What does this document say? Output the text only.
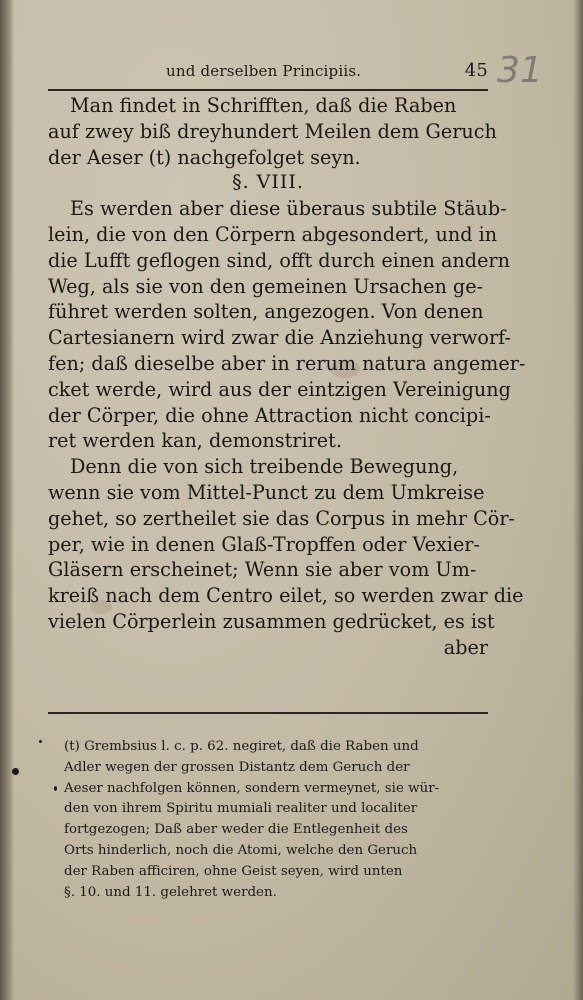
und derselben Principiis.	45 31
Man findet in Schrifften, daß die Raben
auf zwey biß dreyhundert Meilen dem Geruch
der Aeser (t) nachgefolget seyn.
§. VIII.
Es werden aber diese überaus subtile Stäub-
lein, die von den Cörpern abgesondert, und in
die Lufft geflogen sind, offt durch einen andern
Weg, als sie von den gemeinen Ursachen ge-
führet werden solten, angezogen. Von denen
Cartesianern wird zwar die Anziehung verworf-
fen; daß dieselbe aber in rerum natura angemer-
cket werde, wird aus der eintzigen Vereinigung
der Cörper, die ohne Attraction nicht concipi-
ret werden kan, demonstriret.
Denn die von sich treibende Bewegung,
wenn sie vom Mittel-Punct zu dem Umkreise
gehet, so zertheilet sie das Corpus in mehr Cör-
per, wie in denen Glaß-Tropffen oder Vexier-
Gläsern erscheinet; Wenn sie aber vom Um-
kreiß nach dem Centro eilet, so werden zwar die
vielen Cörperlein zusammen gedrücket, es ist
aber
(t) Grembsius l. c. p. 62. negiret, daß die Raben und
Adler wegen der grossen Distantz dem Geruch der
Aeser nachfolgen können, sondern vermeynet, sie wür-
den von ihrem Spiritu mumiali realiter und localiter
fortgezogen; Daß aber weder die Entlegenheit des
Orts hinderlich, noch die Atomi, welche den Geruch
der Raben afficiren, ohne Geist seyen, wird unten
§. 10. und 11. gelehret werden.
